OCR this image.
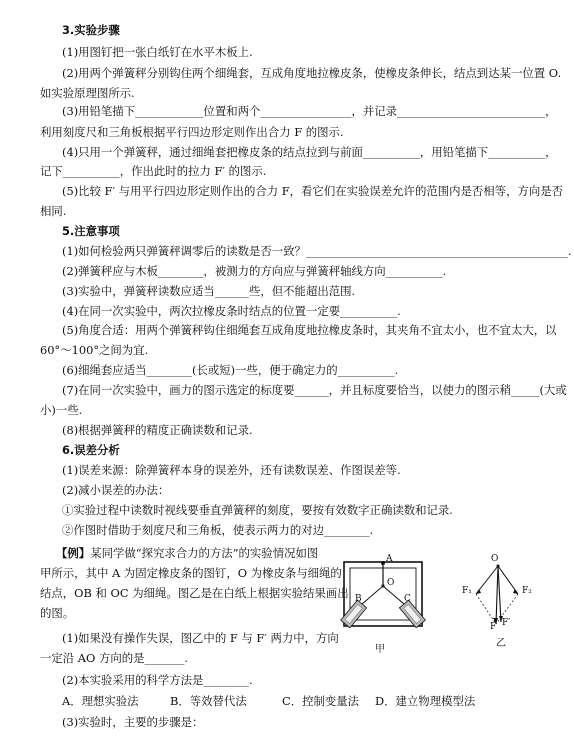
3.实验步骤

(1)用图钉把一张白纸钉在水平木板上.

(2)用两个弹簧秤分别钩住两个细绳套，互成角度地拉橡皮条，使橡皮条伸长，结点到达某一位置 O.

如实验原理图所示.

(3)用铅笔描下____________位置和两个________________，并记录__________________________，

利用刻度尺和三角板根据平行四边形定则作出合力 F 的图示.

(4)只用一个弹簧秤，通过细绳套把橡皮条的结点拉到与前面__________，用铅笔描下__________，

记下__________，作出此时的拉力 F′ 的图示.

(5)比较 F′ 与用平行四边形定则作出的合力 F，看它们在实验误差允许的范围内是否相等，方向是否

相同.

5.注意事项

(1)如何检验两只弹簧秤调零后的读数是否一致？______________________________________________.

(2)弹簧秤应与木板________，被测力的方向应与弹簧秤轴线方向__________.

(3)实验中，弹簧秤读数应适当______些，但不能超出范围.

(4)在同一次实验中，两次拉橡皮条时结点的位置一定要__________.

(5)角度合适：用两个弹簧秤钩住细绳套互成角度地拉橡皮条时，其夹角不宜太小，也不宜太大，以

60°～100°之间为宜.

(6)细绳套应适当________(长或短)一些，便于确定力的__________.

(7)在同一次实验中，画力的图示选定的标度要______，并且标度要恰当，以使力的图示稍_____(大或

小)一些.

(8)根据弹簧秤的精度正确读数和记录.

6.误差分析

(1)误差来源：除弹簧秤本身的误差外，还有读数误差、作图误差等.

(2)减小误差的办法：

①实验过程中读数时视线要垂直弹簧秤的刻度，要按有效数字正确读数和记录.

②作图时借助于刻度尺和三角板，使表示两力的对边________.

【例】某同学做“探究求合力的方法”的实验情况如图

甲所示，其中 A 为固定橡皮条的图钉，O 为橡皮条与细绳的

结点，OB 和 OC 为细绳。图乙是在白纸上根据实验结果画出

的图。

(1)如果没有操作失误，图乙中的 F 与 F′ 两力中，方向

一定沿 AO 方向的是_______.

(2)本实验采用的科学方法是________.

A．理想实验法	B．等效替代法	C．控制变量法 D．建立物理模型法

(3)实验时，主要的步骤是：

A
O
B	C
甲
O
F₁	F₂
F F′
乙
